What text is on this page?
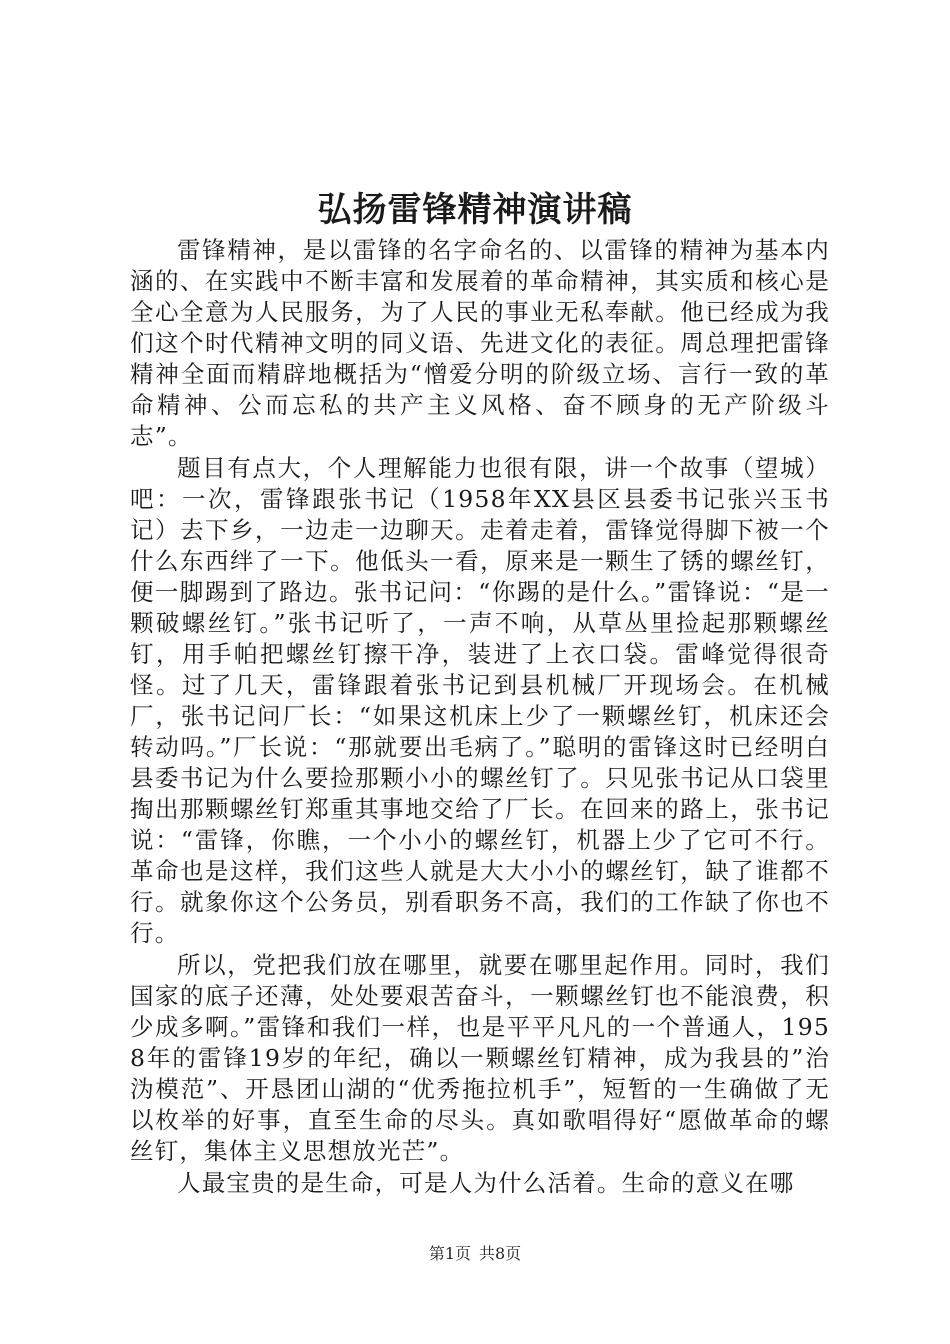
弘扬雷锋精神演讲稿

雷锋精神，是以雷锋的名字命名的、以雷锋的精神为基本内涵的、在实践中不断丰富和发展着的革命精神，其实质和核心是全心全意为人民服务，为了人民的事业无私奉献。他已经成为我们这个时代精神文明的同义语、先进文化的表征。周总理把雷锋精神全面而精辟地概括为“憎爱分明的阶级立场、言行一致的革命精神、公而忘私的共产主义风格、奋不顾身的无产阶级斗志”。

题目有点大，个人理解能力也很有限，讲一个故事（望城）吧：一次，雷锋跟张书记（1958年XX县区县委书记张兴玉书记）去下乡，一边走一边聊天。走着走着，雷锋觉得脚下被一个什么东西绊了一下。他低头一看，原来是一颗生了锈的螺丝钉，便一脚踢到了路边。张书记问：“你踢的是什么。”雷锋说：“是一颗破螺丝钉。”张书记听了，一声不响，从草丛里捡起那颗螺丝钉，用手帕把螺丝钉擦干净，装进了上衣口袋。雷峰觉得很奇怪。过了几天，雷锋跟着张书记到县机械厂开现场会。在机械厂，张书记问厂长：“如果这机床上少了一颗螺丝钉，机床还会转动吗。”厂长说：“那就要出毛病了。”聪明的雷锋这时已经明白县委书记为什么要捡那颗小小的螺丝钉了。只见张书记从口袋里掏出那颗螺丝钉郑重其事地交给了厂长。在回来的路上，张书记说：“雷锋，你瞧，一个小小的螺丝钉，机器上少了它可不行。革命也是这样，我们这些人就是大大小小的螺丝钉，缺了谁都不行。就象你这个公务员，别看职务不高，我们的工作缺了你也不行。

所以，党把我们放在哪里，就要在哪里起作用。同时，我们国家的底子还薄，处处要艰苦奋斗，一颗螺丝钉也不能浪费，积少成多啊。”雷锋和我们一样，也是平平凡凡的一个普通人，1958年的雷锋19岁的年纪，确以一颗螺丝钉精神，成为我县的”治沩模范”、开恳团山湖的“优秀拖拉机手”，短暂的一生确做了无以枚举的好事，直至生命的尽头。真如歌唱得好“愿做革命的螺丝钉，集体主义思想放光芒”。

人最宝贵的是生命，可是人为什么活着。生命的意义在哪

第1页 共8页
